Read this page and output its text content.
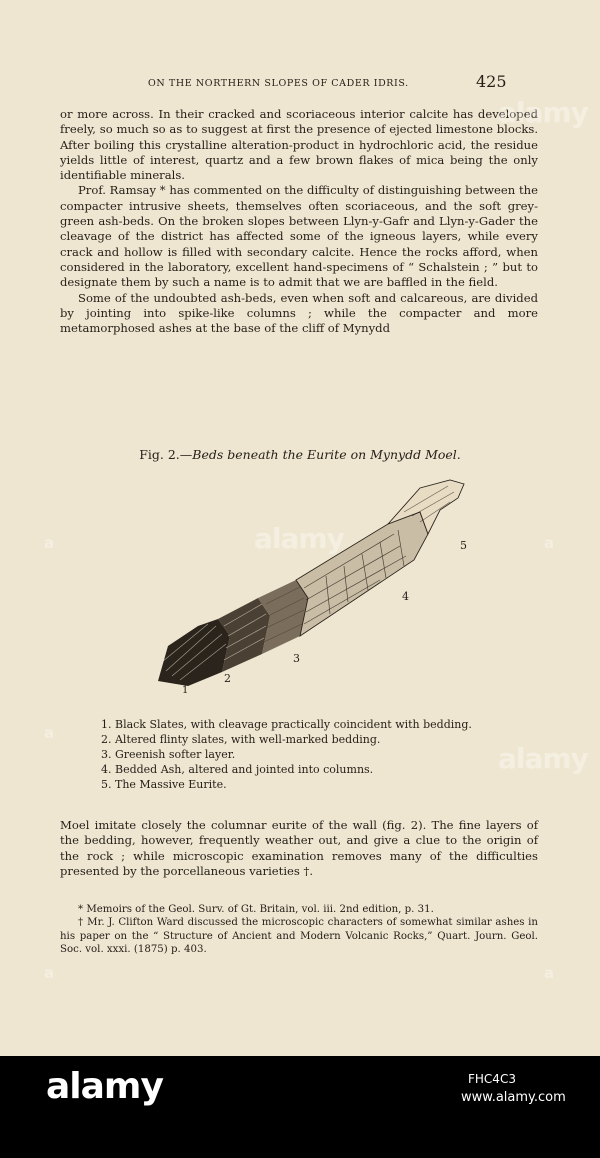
ON THE NORTHERN SLOPES OF CADER IDRIS.	425

or more across. In their cracked and scoriaceous interior calcite has developed freely, so much so as to suggest at first the presence of ejected limestone blocks. After boiling this crystalline alteration-product in hydrochloric acid, the residue yields little of interest, quartz and a few brown flakes of mica being the only identifiable minerals.

Prof. Ramsay * has commented on the difficulty of distinguishing between the compacter intrusive sheets, themselves often scoriaceous, and the soft grey-green ash-beds. On the broken slopes between Llyn-y-Gafr and Llyn-y-Gader the cleavage of the district has affected some of the igneous layers, while every crack and hollow is filled with secondary calcite. Hence the rocks afford, when considered in the laboratory, excellent hand-specimens of “ Schalstein ; ” but to designate them by such a name is to admit that we are baffled in the field.

Some of the undoubted ash-beds, even when soft and calcareous, are divided by jointing into spike-like columns ; while the compacter and more metamorphosed ashes at the base of the cliff of Mynydd

Fig. 2.—Beds beneath the Eurite on Mynydd Moel.
1
2
3
4
5
1. Black Slates, with cleavage practically coincident with bedding.
2. Altered flinty slates, with well-marked bedding.
3. Greenish softer layer.
4. Bedded Ash, altered and jointed into columns.
5. The Massive Eurite.

Moel imitate closely the columnar eurite of the wall (fig. 2). The fine layers of the bedding, however, frequently weather out, and give a clue to the origin of the rock ; while microscopic examination removes many of the difficulties presented by the porcellaneous varieties †.

* Memoirs of the Geol. Surv. of Gt. Britain, vol. iii. 2nd edition, p. 31.

† Mr. J. Clifton Ward discussed the microscopic characters of somewhat similar ashes in his paper on the “ Structure of Ancient and Modern Volcanic Rocks,” Quart. Journ. Geol. Soc. vol. xxxi. (1875) p. 403.

alamy
alamy
alamy
a	a
a
a
a
alamy	FHC4C3
www.alamy.com
